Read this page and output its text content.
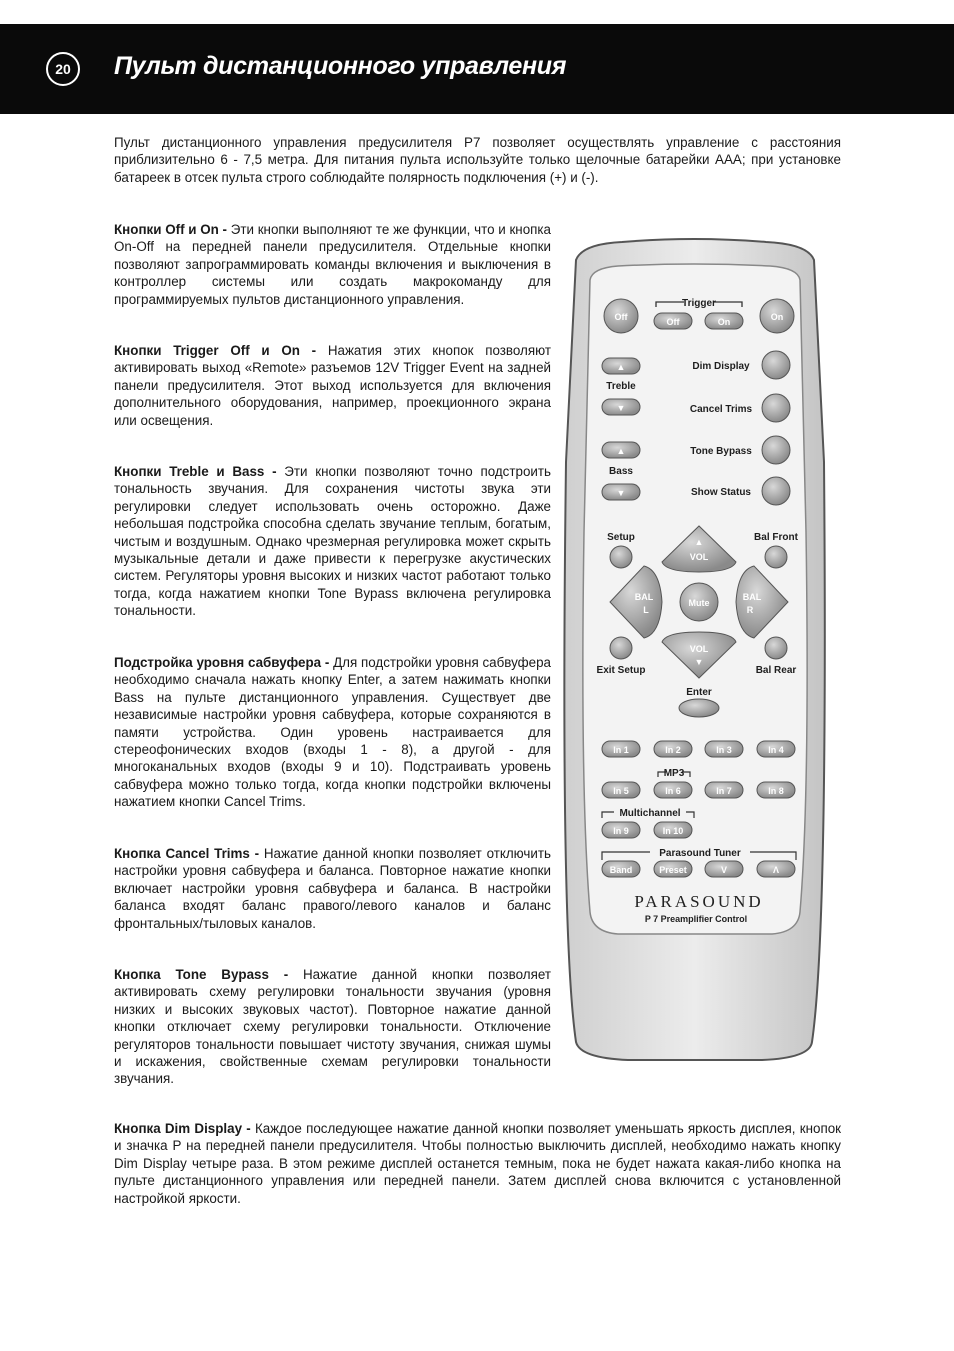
20	Пульт дистанционного управления

Пульт дистанционного управления предусилителя P7 позволяет осуществлять управление с расстояния приблизительно 6 - 7,5 метра. Для питания пульта используйте только щелочные батарейки AAA; при установке батареек в отсек пульта строго соблюдайте полярность подключения (+) и (-).

Кнопки Off и On - Эти кнопки выполняют те же функции, что и кнопка On-Off на передней панели предусилителя. Отдельные кнопки позволяют запрограммировать команды включения и выключения в контроллер системы или создать макрокоманду для программируемых пультов дистанционного управления.

Кнопки Trigger Off и On - Нажатия этих кнопок позволяют активировать выход «Remote» разъемов 12V Trigger Event на задней панели предусилителя. Этот выход используется для включения дополнительного оборудования, например, проекционного экрана или освещения.

Кнопки Treble и Bass - Эти кнопки позволяют точно подстроить тональность звучания. Для сохранения чистоты звука эти регулировки следует использовать очень осторожно. Даже небольшая подстройка способна сделать звучание теплым, богатым, чистым и воздушным. Однако чрезмерная регулировка может скрыть музыкальные детали и даже привести к перегрузке акустических систем. Регуляторы уровня высоких и низких частот работают только тогда, когда нажатием кнопки Tone Bypass включена регулировка тональности.

Подстройка уровня сабвуфера - Для подстройки уровня сабвуфера необходимо сначала нажать кнопку Enter, а затем нажимать кнопки Bass на пульте дистанционного управления. Существует две независимые настройки уровня сабвуфера, которые сохраняются в памяти устройства. Один уровень настраивается для стереофонических входов (входы 1 - 8), а другой - для многоканальных входов (входы 9 и 10). Подстраивать уровень сабвуфера можно только тогда, когда кнопки подстройки включены нажатием кнопки Cancel Trims.

Кнопка Cancel Trims - Нажатие данной кнопки позволяет отключить настройки уровня сабвуфера и баланса. Повторное нажатие кнопки включает настройки уровня сабвуфера и баланса. В настройки баланса входят баланс правого/левого каналов и баланс фронтальных/тыловых каналов.

Кнопка Tone Bypass - Нажатие данной кнопки позволяет активировать схему регулировки тональности звучания (уровня низких и высоких звуковых частот). Повторное нажатие данной кнопки отключает схему регулировки тональности. Отключение регуляторов тональности повышает чистоту звучания, снижая шумы и искажения, свойственные схемам регулировки тональности звучания.

Кнопка Dim Display - Каждое последующее нажатие данной кнопки позволяет уменьшать яркость дисплея, кнопок и значка P на передней панели предусилителя. Чтобы полностью выключить дисплей, необходимо нажать кнопку Dim Display четыре раза. В этом режиме дисплей останется темным, пока не будет нажата какая-либо кнопка на пульте дистанционного управления или передней панели. Затем дисплей снова включится с установленной настройкой яркости.

Off	On
Trigger
Off	On
▲
Treble
▼
▲
Bass
▼
Dim Display
Cancel Trims
Tone Bypass
Show Status
Setup	Bal Front
▲
VOL
BAL
L
BAL
R
Mute
VOL
▼
Exit Setup	Bal Rear
Enter
In 1	In 2	In 3	In 4
MP3
In 5	In 6	In 7	In 8
Multichannel
In 9	In 10
Parasound Tuner
Band	Preset	V	Λ
PARASOUND
P 7 Preamplifier Control
